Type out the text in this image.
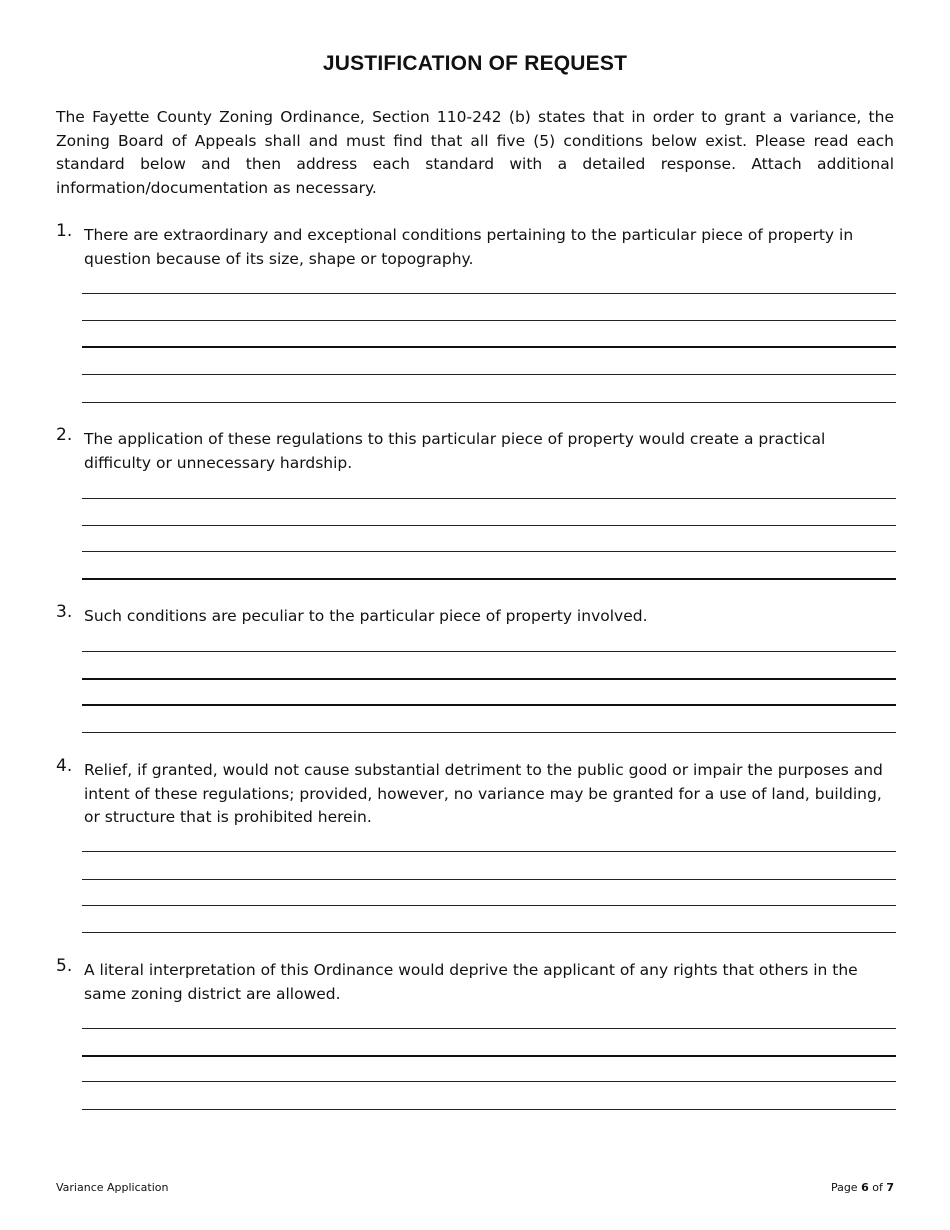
JUSTIFICATION OF REQUEST

The Fayette County Zoning Ordinance, Section 110-242 (b) states that in order to grant a variance, the Zoning Board of Appeals shall and must find that all five (5) conditions below exist. Please read each standard below and then address each standard with a detailed response. Attach additional information/documentation as necessary.

1. There are extraordinary and exceptional conditions pertaining to the particular piece of property in question because of its size, shape or topography.
2. The application of these regulations to this particular piece of property would create a practical difficulty or unnecessary hardship.
3. Such conditions are peculiar to the particular piece of property involved.
4. Relief, if granted, would not cause substantial detriment to the public good or impair the purposes and intent of these regulations; provided, however, no variance may be granted for a use of land, building, or structure that is prohibited herein.
5. A literal interpretation of this Ordinance would deprive the applicant of any rights that others in the same zoning district are allowed.
Variance Application	Page 6 of 7
